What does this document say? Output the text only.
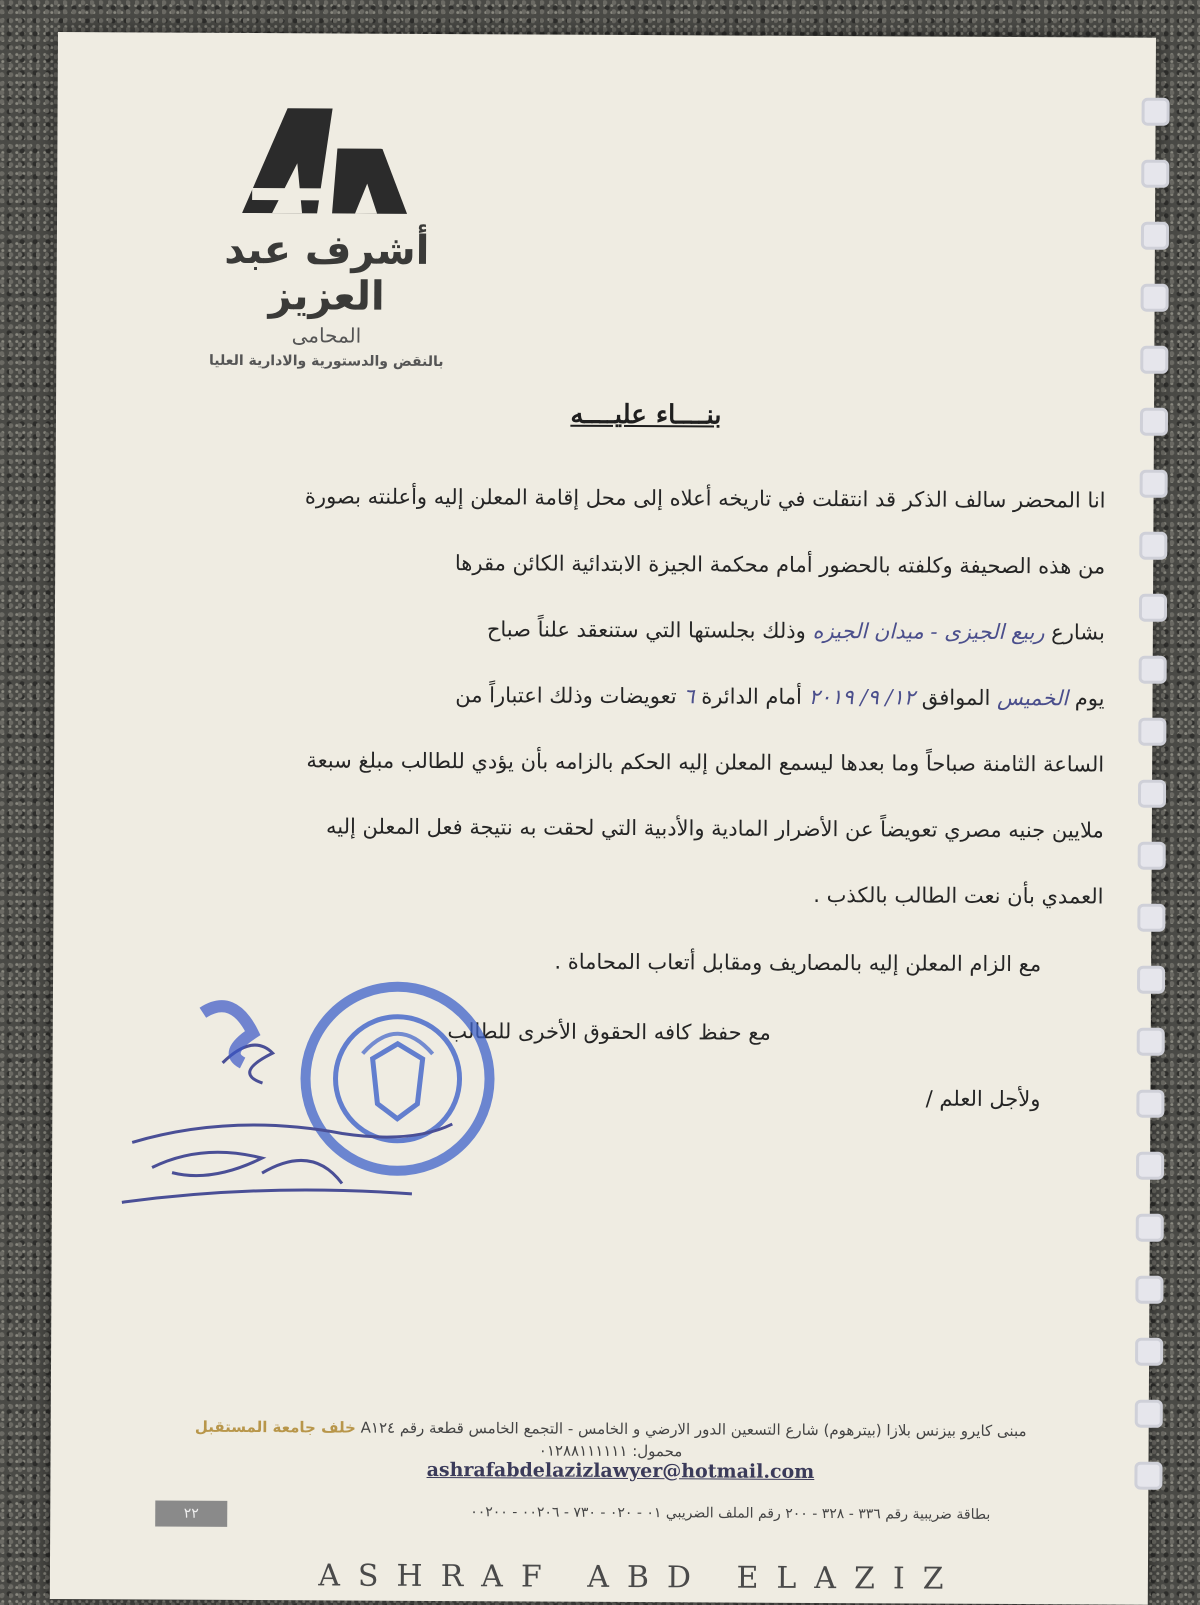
أشرف عبد العزيز
المحامى
بالنقض والدستورية والادارية العليا
بنــــاء عليــــه
انا المحضر سالف الذكر قد انتقلت في تاريخه أعلاه إلى محل إقامة المعلن إليه وأعلنته بصورة
من هذه الصحيفة وكلفته بالحضور أمام محكمة الجيزة الابتدائية الكائن مقرها
بشارع ربيع الجيزى - ميدان الجيزه وذلك بجلستها التي ستنعقد علناً صباح
يوم الخميس الموافق ١٢/ ٩/ ٢٠١٩ أمام الدائرة ٦ تعويضات وذلك اعتباراً من
الساعة الثامنة صباحاً وما بعدها ليسمع المعلن إليه الحكم بالزامه بأن يؤدي للطالب مبلغ سبعة
ملايين جنيه مصري تعويضاً عن الأضرار المادية والأدبية التي لحقت به نتيجة فعل المعلن إليه
العمدي بأن نعت الطالب بالكذب .
مع الزام المعلن إليه بالمصاريف ومقابل أتعاب المحاماة .
مع حفظ كافه الحقوق الأخرى للطالب
ولأجل العلم /
مبنى كايرو بيزنس بلازا (بيترهوم) شارع التسعين الدور الارضي و الخامس - التجمع الخامس قطعة رقم A١٢٤ خلف جامعة المستقبل
محمول: ٠١٢٨٨١١١١١١
ashrafabdelazizlawyer@hotmail.com
بطاقة ضريبية رقم ٣٣٦ - ٣٢٨ - ٢٠٠ رقم الملف الضريبي ٠١ - ٠٢٠ - ٧٣٠ - ٠٠٢٠٦ - ٠٠٢٠٠
٢٢
ASHRAF ABD ELAZIZ
